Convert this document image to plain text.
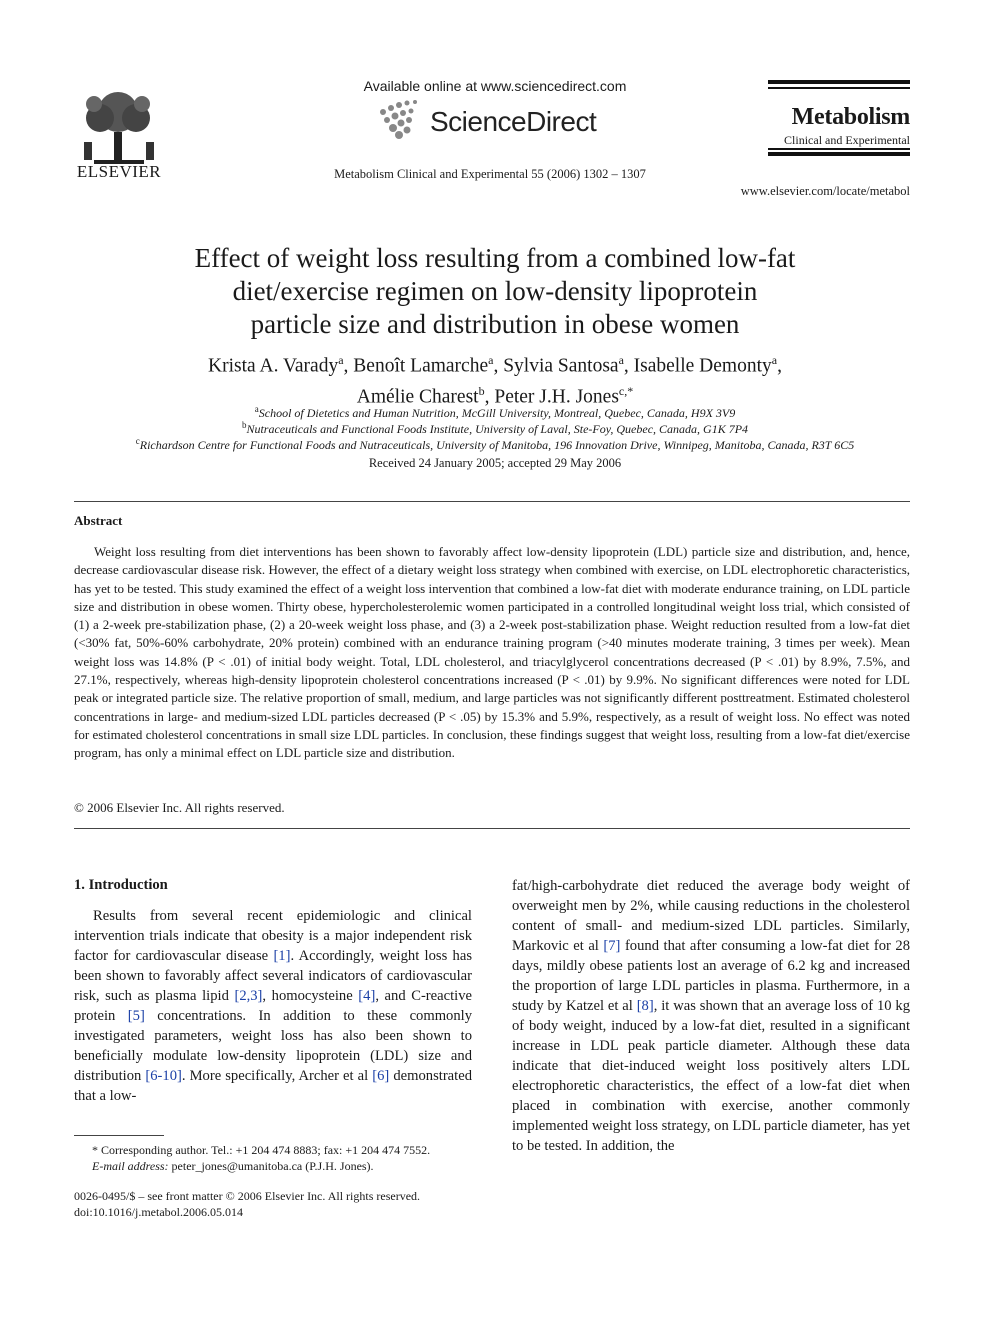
ELSEVIER
Available online at www.sciencedirect.com
ScienceDirect
Metabolism Clinical and Experimental 55 (2006) 1302 – 1307
Metabolism
Clinical and Experimental
www.elsevier.com/locate/metabol
Effect of weight loss resulting from a combined low-fat
diet/exercise regimen on low-density lipoprotein
particle size and distribution in obese women
Krista A. Varady$^a$, Benoît Lamarche$^a$, Sylvia Santosa$^a$, Isabelle Demonty$^a$,
Amélie Charest$^b$, Peter J.H. Jones$^{c,*}$
$^a$School of Dietetics and Human Nutrition, McGill University, Montreal, Quebec, Canada, H9X 3V9
$^b$Nutraceuticals and Functional Foods Institute, University of Laval, Ste-Foy, Quebec, Canada, G1K 7P4
$^c$Richardson Centre for Functional Foods and Nutraceuticals, University of Manitoba, 196 Innovation Drive, Winnipeg, Manitoba, Canada, R3T 6C5
Received 24 January 2005; accepted 29 May 2006
Abstract
Weight loss resulting from diet interventions has been shown to favorably affect low-density lipoprotein (LDL) particle size and distribution, and, hence, decrease cardiovascular disease risk. However, the effect of a dietary weight loss strategy when combined with exercise, on LDL electrophoretic characteristics, has yet to be tested. This study examined the effect of a weight loss intervention that combined a low-fat diet with moderate endurance training, on LDL particle size and distribution in obese women. Thirty obese, hypercholesterolemic women participated in a controlled longitudinal weight loss trial, which consisted of (1) a 2-week pre-stabilization phase, (2) a 20-week weight loss phase, and (3) a 2-week post-stabilization phase. Weight reduction resulted from a low-fat diet (<30% fat, 50%-60% carbohydrate, 20% protein) combined with an endurance training program (>40 minutes moderate training, 3 times per week). Mean weight loss was 14.8% (P < .01) of initial body weight. Total, LDL cholesterol, and triacylglycerol concentrations decreased (P < .01) by 8.9%, 7.5%, and 27.1%, respectively, whereas high-density lipoprotein cholesterol concentrations increased (P < .01) by 9.9%. No significant differences were noted for LDL peak or integrated particle size. The relative proportion of small, medium, and large particles was not significantly different posttreatment. Estimated cholesterol concentrations in large- and medium-sized LDL particles decreased (P < .05) by 15.3% and 5.9%, respectively, as a result of weight loss. No effect was noted for estimated cholesterol concentrations in small size LDL particles. In conclusion, these findings suggest that weight loss, resulting from a low-fat diet/exercise program, has only a minimal effect on LDL particle size and distribution.
© 2006 Elsevier Inc. All rights reserved.
1. Introduction
Results from several recent epidemiologic and clinical intervention trials indicate that obesity is a major independent risk factor for cardiovascular disease [1]. Accordingly, weight loss has been shown to favorably affect several indicators of cardiovascular risk, such as plasma lipid [2,3], homocysteine [4], and C-reactive protein [5] concentrations. In addition to these commonly investigated parameters, weight loss has also been shown to beneficially modulate low-density lipoprotein (LDL) size and distribution [6-10]. More specifically, Archer et al [6] demonstrated that a low-
fat/high-carbohydrate diet reduced the average body weight of overweight men by 2%, while causing reductions in the cholesterol content of small- and medium-sized LDL particles. Similarly, Markovic et al [7] found that after consuming a low-fat diet for 28 days, mildly obese patients lost an average of 6.2 kg and increased the proportion of large LDL particles in plasma. Furthermore, in a study by Katzel et al [8], it was shown that an average loss of 10 kg of body weight, induced by a low-fat diet, resulted in a significant increase in LDL peak particle diameter. Although these data indicate that diet-induced weight loss positively alters LDL electrophoretic characteristics, the effect of a low-fat diet when placed in combination with exercise, another commonly implemented weight loss strategy, on LDL particle diameter, has yet to be tested. In addition, the
* Corresponding author. Tel.: +1 204 474 8883; fax: +1 204 474 7552.
E-mail address: peter_jones@umanitoba.ca (P.J.H. Jones).
0026-0495/$ – see front matter © 2006 Elsevier Inc. All rights reserved.
doi:10.1016/j.metabol.2006.05.014
